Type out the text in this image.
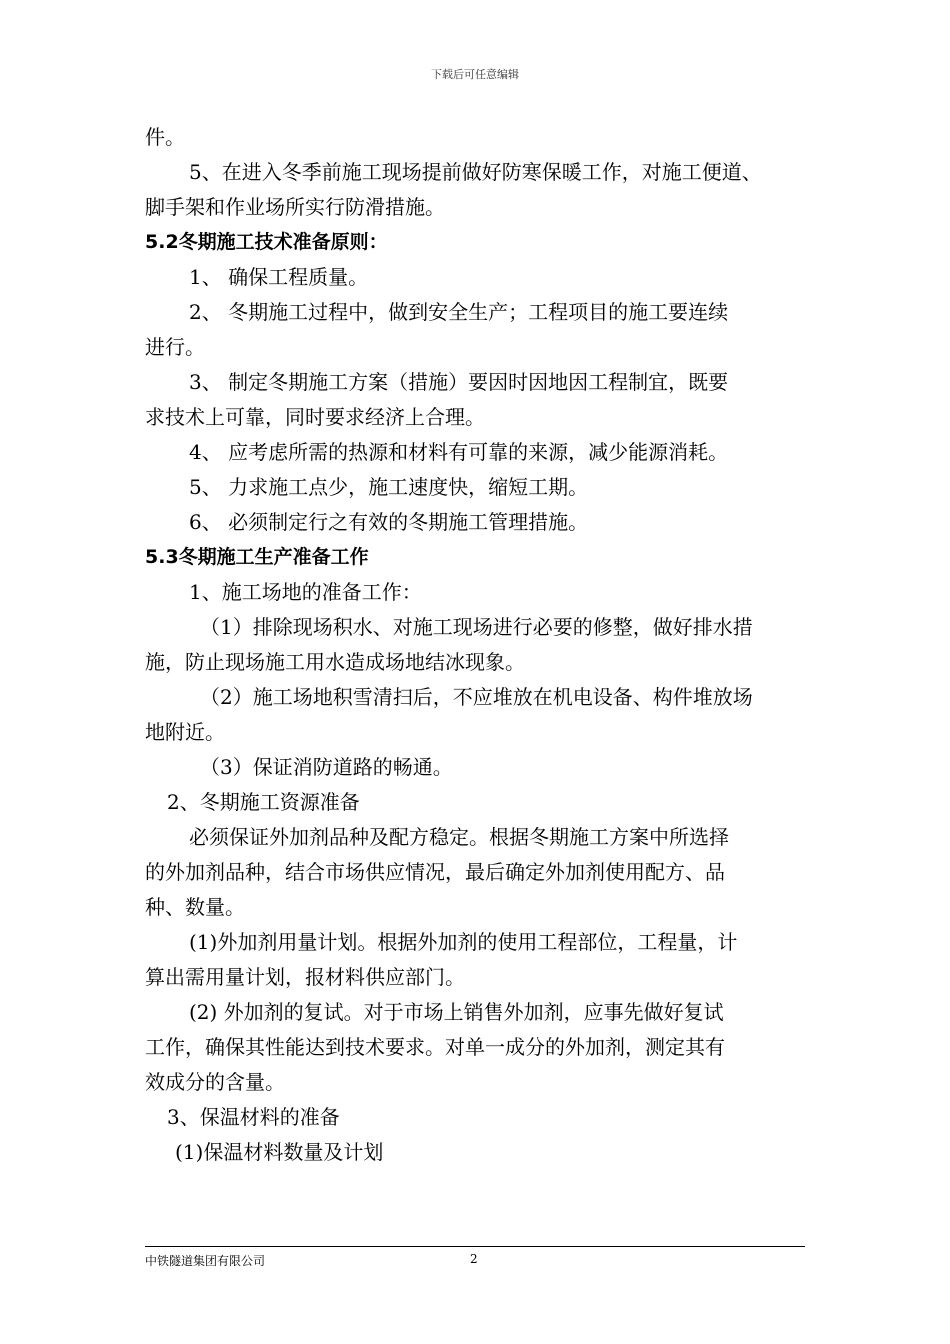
下载后可任意编辑
件。
5、在进入冬季前施工现场提前做好防寒保暖工作，对施工便道、
脚手架和作业场所实行防滑措施。
5.2冬期施工技术准备原则：
1、 确保工程质量。
2、 冬期施工过程中，做到安全生产；工程项目的施工要连续
进行。
3、 制定冬期施工方案（措施）要因时因地因工程制宜，既要
求技术上可靠，同时要求经济上合理。
4、 应考虑所需的热源和材料有可靠的来源，减少能源消耗。
5、 力求施工点少，施工速度快，缩短工期。
6、 必须制定行之有效的冬期施工管理措施。
5.3冬期施工生产准备工作
1、施工场地的准备工作：
（1）排除现场积水、对施工现场进行必要的修整，做好排水措
施，防止现场施工用水造成场地结冰现象。
（2）施工场地积雪清扫后，不应堆放在机电设备、构件堆放场
地附近。
（3）保证消防道路的畅通。
2、冬期施工资源准备
必须保证外加剂品种及配方稳定。根据冬期施工方案中所选择
的外加剂品种，结合市场供应情况，最后确定外加剂使用配方、品
种、数量。
(1)外加剂用量计划。根据外加剂的使用工程部位，工程量，计
算出需用量计划，报材料供应部门。
(2) 外加剂的复试。对于市场上销售外加剂，应事先做好复试
工作，确保其性能达到技术要求。对单一成分的外加剂，测定其有
效成分的含量。
3、保温材料的准备
(1)保温材料数量及计划
中铁隧道集团有限公司	2
